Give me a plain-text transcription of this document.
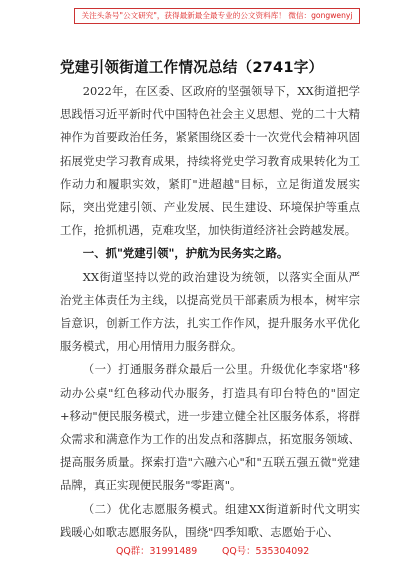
关注头条号"公文研究"，获得最新最全最专业的公文资料库！ 微信：gongwenyj
党建引领街道工作情况总结（2741字）

2022年，在区委、区政府的坚强领导下，XX街道把学思践悟习近平新时代中国特色社会主义思想、党的二十大精神作为首要政治任务，紧紧围绕区委十一次党代会精神巩固拓展党史学习教育成果，持续将党史学习教育成果转化为工作动力和履职实效，紧盯"进超越"目标，立足街道发展实际，突出党建引领、产业发展、民生建设、环境保护等重点工作，抢抓机遇，克难攻坚，加快街道经济社会跨越发展。

一、抓"党建引领"，护航为民务实之路。

XX街道坚持以党的政治建设为统领，以落实全面从严治党主体责任为主线，以提高党员干部素质为根本，树牢宗旨意识，创新工作方法，扎实工作作风，提升服务水平优化服务模式，用心用情用力服务群众。

（一）打通服务群众最后一公里。升级优化李家塔"移动办公桌"红色移动代办服务，打造具有印台特色的"固定+移动"便民服务模式，进一步建立健全社区服务体系，将群众需求和满意作为工作的出发点和落脚点，拓宽服务领域、提高服务质量。探索打造"六融六心"和"五联五强五微"党建品牌，真正实现便民服务"零距离"。

（二）优化志愿服务模式。组建XX街道新时代文明实践暖心如歌志愿服务队，围绕"四季知歌、志愿始于心、

QQ群：31991489	QQ号：535304092
